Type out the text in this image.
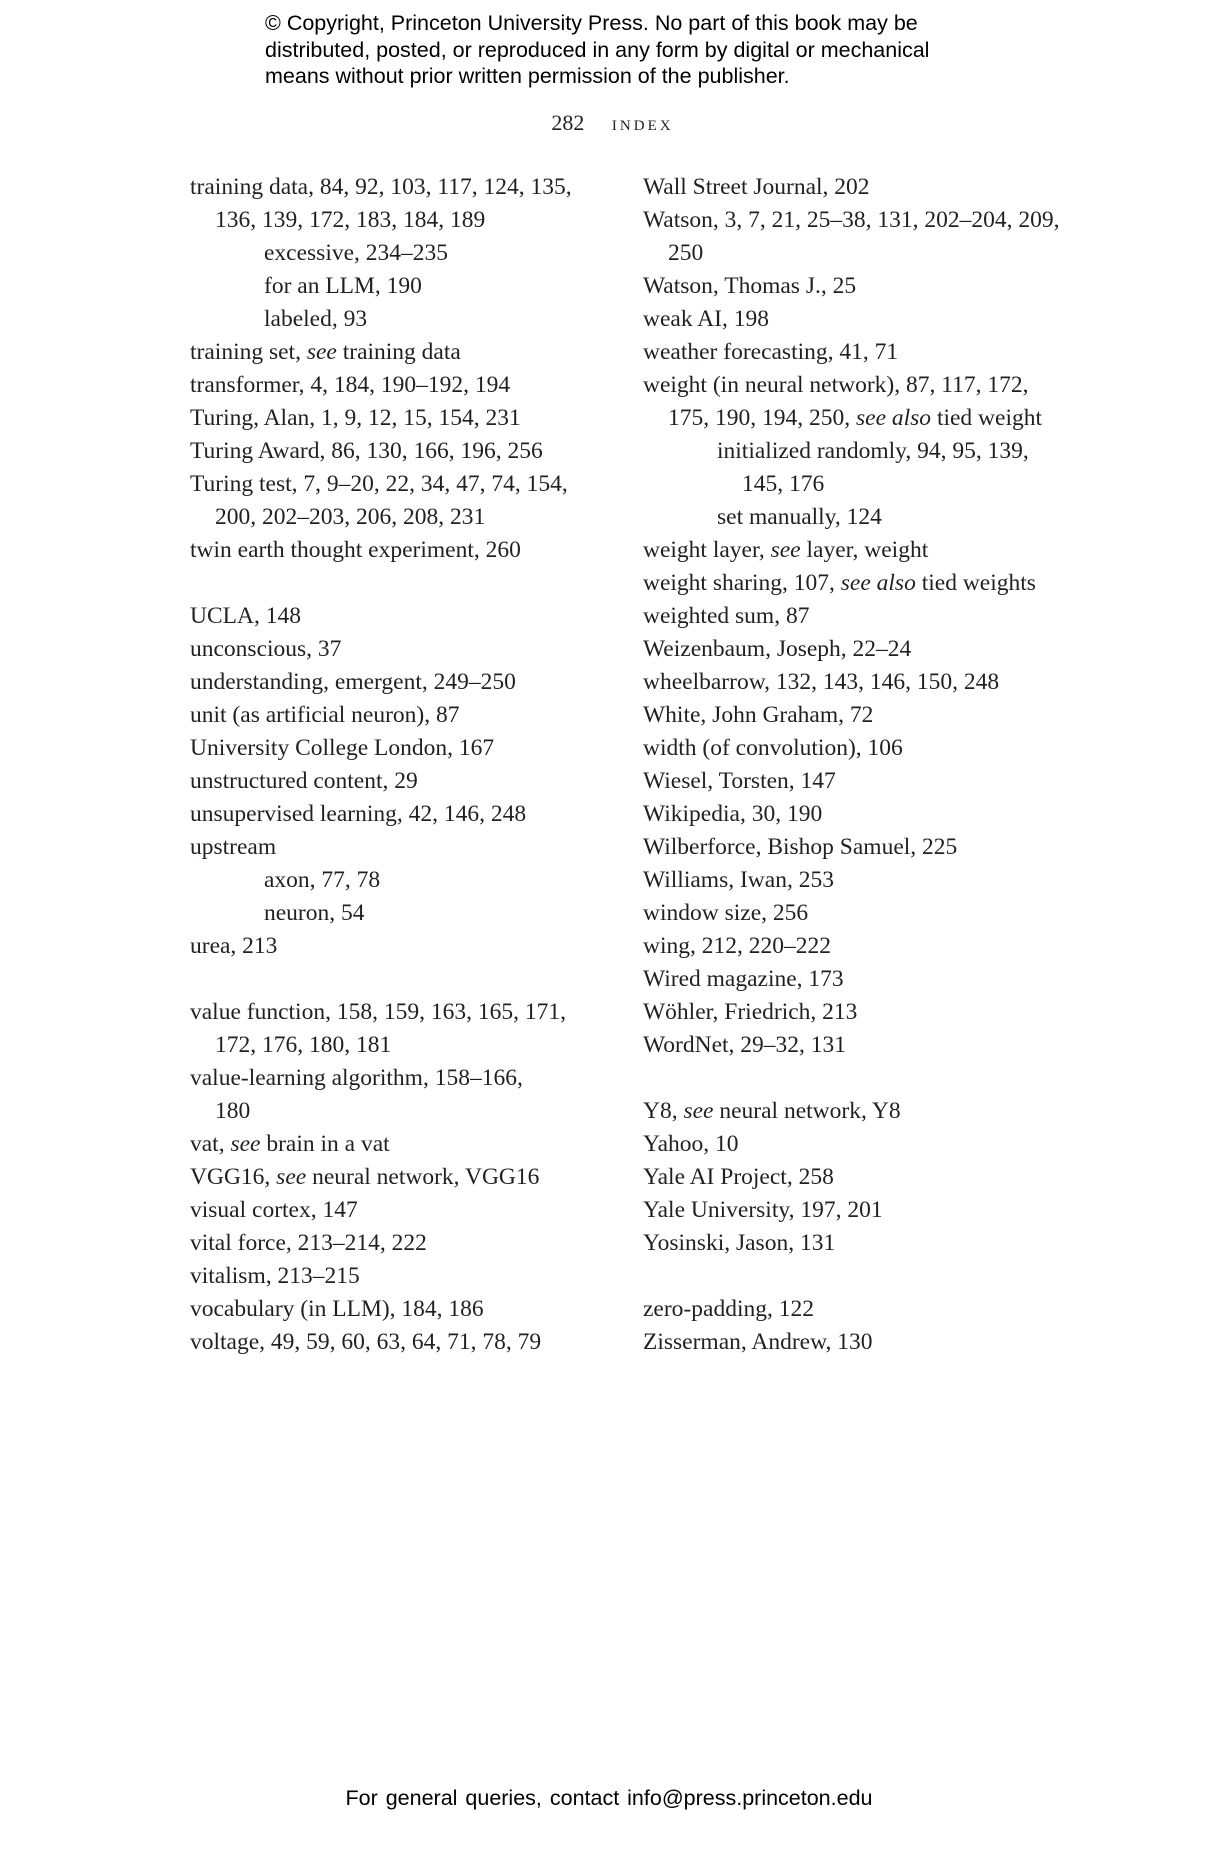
© Copyright, Princeton University Press. No part of this book may be
distributed, posted, or reproduced in any form by digital or mechanical
means without prior written permission of the publisher.
282 index
training data, 84, 92, 103, 117, 124, 135,
136, 139, 172, 183, 184, 189
excessive, 234–235
for an LLM, 190
labeled, 93
training set, see training data
transformer, 4, 184, 190–192, 194
Turing, Alan, 1, 9, 12, 15, 154, 231
Turing Award, 86, 130, 166, 196, 256
Turing test, 7, 9–20, 22, 34, 47, 74, 154,
200, 202–203, 206, 208, 231
twin earth thought experiment, 260
UCLA, 148
unconscious, 37
understanding, emergent, 249–250
unit (as artificial neuron), 87
University College London, 167
unstructured content, 29
unsupervised learning, 42, 146, 248
upstream
axon, 77, 78
neuron, 54
urea, 213
value function, 158, 159, 163, 165, 171,
172, 176, 180, 181
value-learning algorithm, 158–166,
180
vat, see brain in a vat
VGG16, see neural network, VGG16
visual cortex, 147
vital force, 213–214, 222
vitalism, 213–215
vocabulary (in LLM), 184, 186
voltage, 49, 59, 60, 63, 64, 71, 78, 79
Wall Street Journal, 202
Watson, 3, 7, 21, 25–38, 131, 202–204, 209,
250
Watson, Thomas J., 25
weak AI, 198
weather forecasting, 41, 71
weight (in neural network), 87, 117, 172,
175, 190, 194, 250, see also tied weight
initialized randomly, 94, 95, 139,
145, 176
set manually, 124
weight layer, see layer, weight
weight sharing, 107, see also tied weights
weighted sum, 87
Weizenbaum, Joseph, 22–24
wheelbarrow, 132, 143, 146, 150, 248
White, John Graham, 72
width (of convolution), 106
Wiesel, Torsten, 147
Wikipedia, 30, 190
Wilberforce, Bishop Samuel, 225
Williams, Iwan, 253
window size, 256
wing, 212, 220–222
Wired magazine, 173
Wöhler, Friedrich, 213
WordNet, 29–32, 131
Y8, see neural network, Y8
Yahoo, 10
Yale AI Project, 258
Yale University, 197, 201
Yosinski, Jason, 131
zero-padding, 122
Zisserman, Andrew, 130
For general queries, contact info@press.princeton.edu
